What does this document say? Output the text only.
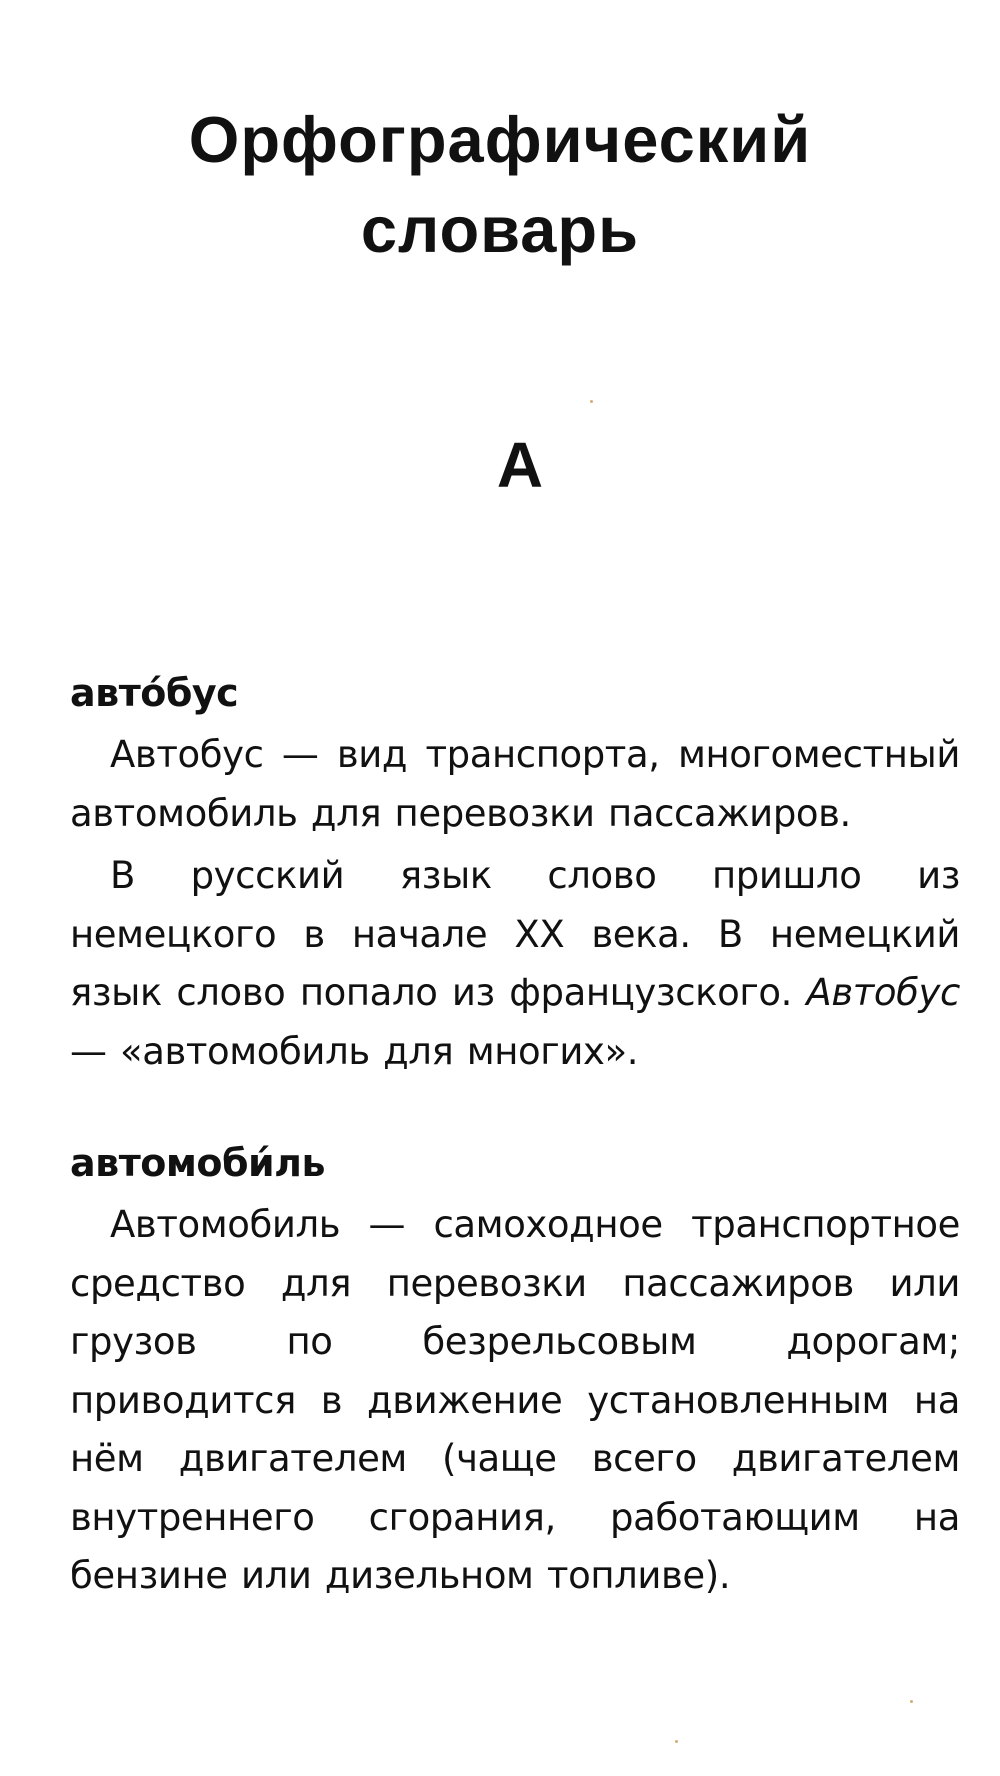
Орфографический
словарь
А
авто́бус

Автобус — вид транспорта, многоместный автомобиль для перевозки пассажиров.

В русский язык слово пришло из немецкого в начале XX века. В немецкий язык слово попало из французского. Автобус — «автомобиль для многих».

автомоби́ль

Автомобиль — самоходное транспортное средство для перевозки пассажиров или грузов по безрельсовым дорогам; приводится в движение установленным на нём двигателем (чаще всего двигателем внутреннего сгорания, работающим на бензине или дизельном топливе).
